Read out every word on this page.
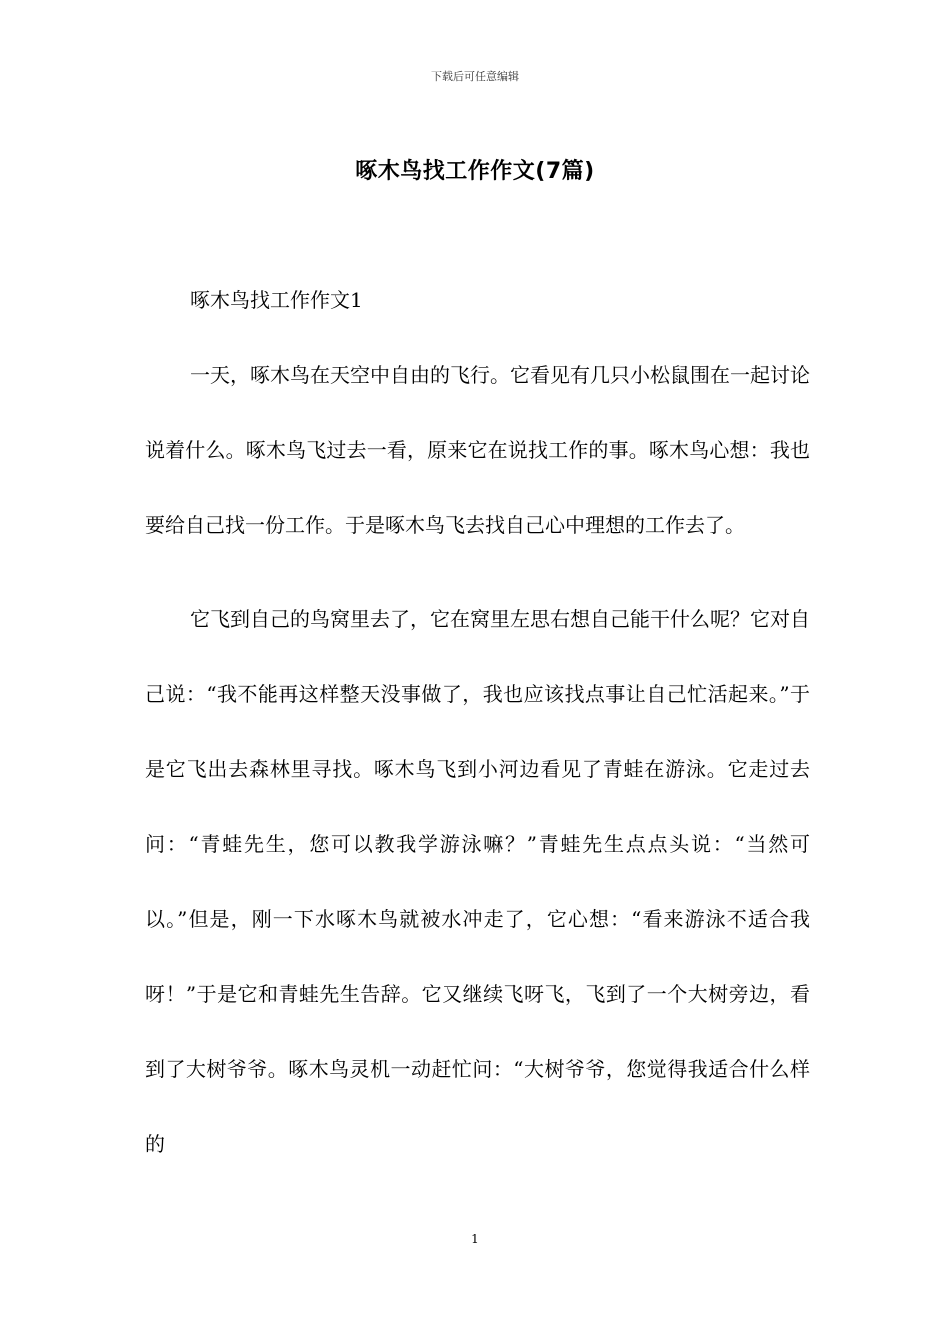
下载后可任意编辑
啄木鸟找工作作文(7篇)

啄木鸟找工作作文1

一天，啄木鸟在天空中自由的飞行。它看见有几只小松鼠围在一起讨论说着什么。啄木鸟飞过去一看，原来它在说找工作的事。啄木鸟心想：我也要给自己找一份工作。于是啄木鸟飞去找自己心中理想的工作去了。

它飞到自己的鸟窝里去了，它在窝里左思右想自己能干什么呢？它对自己说：“我不能再这样整天没事做了，我也应该找点事让自己忙活起来。”于是它飞出去森林里寻找。啄木鸟飞到小河边看见了青蛙在游泳。它走过去问：“青蛙先生，您可以教我学游泳嘛？”青蛙先生点点头说：“当然可以。”但是，刚一下水啄木鸟就被水冲走了，它心想：“看来游泳不适合我呀！”于是它和青蛙先生告辞。它又继续飞呀飞，飞到了一个大树旁边，看到了大树爷爷。啄木鸟灵机一动赶忙问：“大树爷爷，您觉得我适合什么样的

1
